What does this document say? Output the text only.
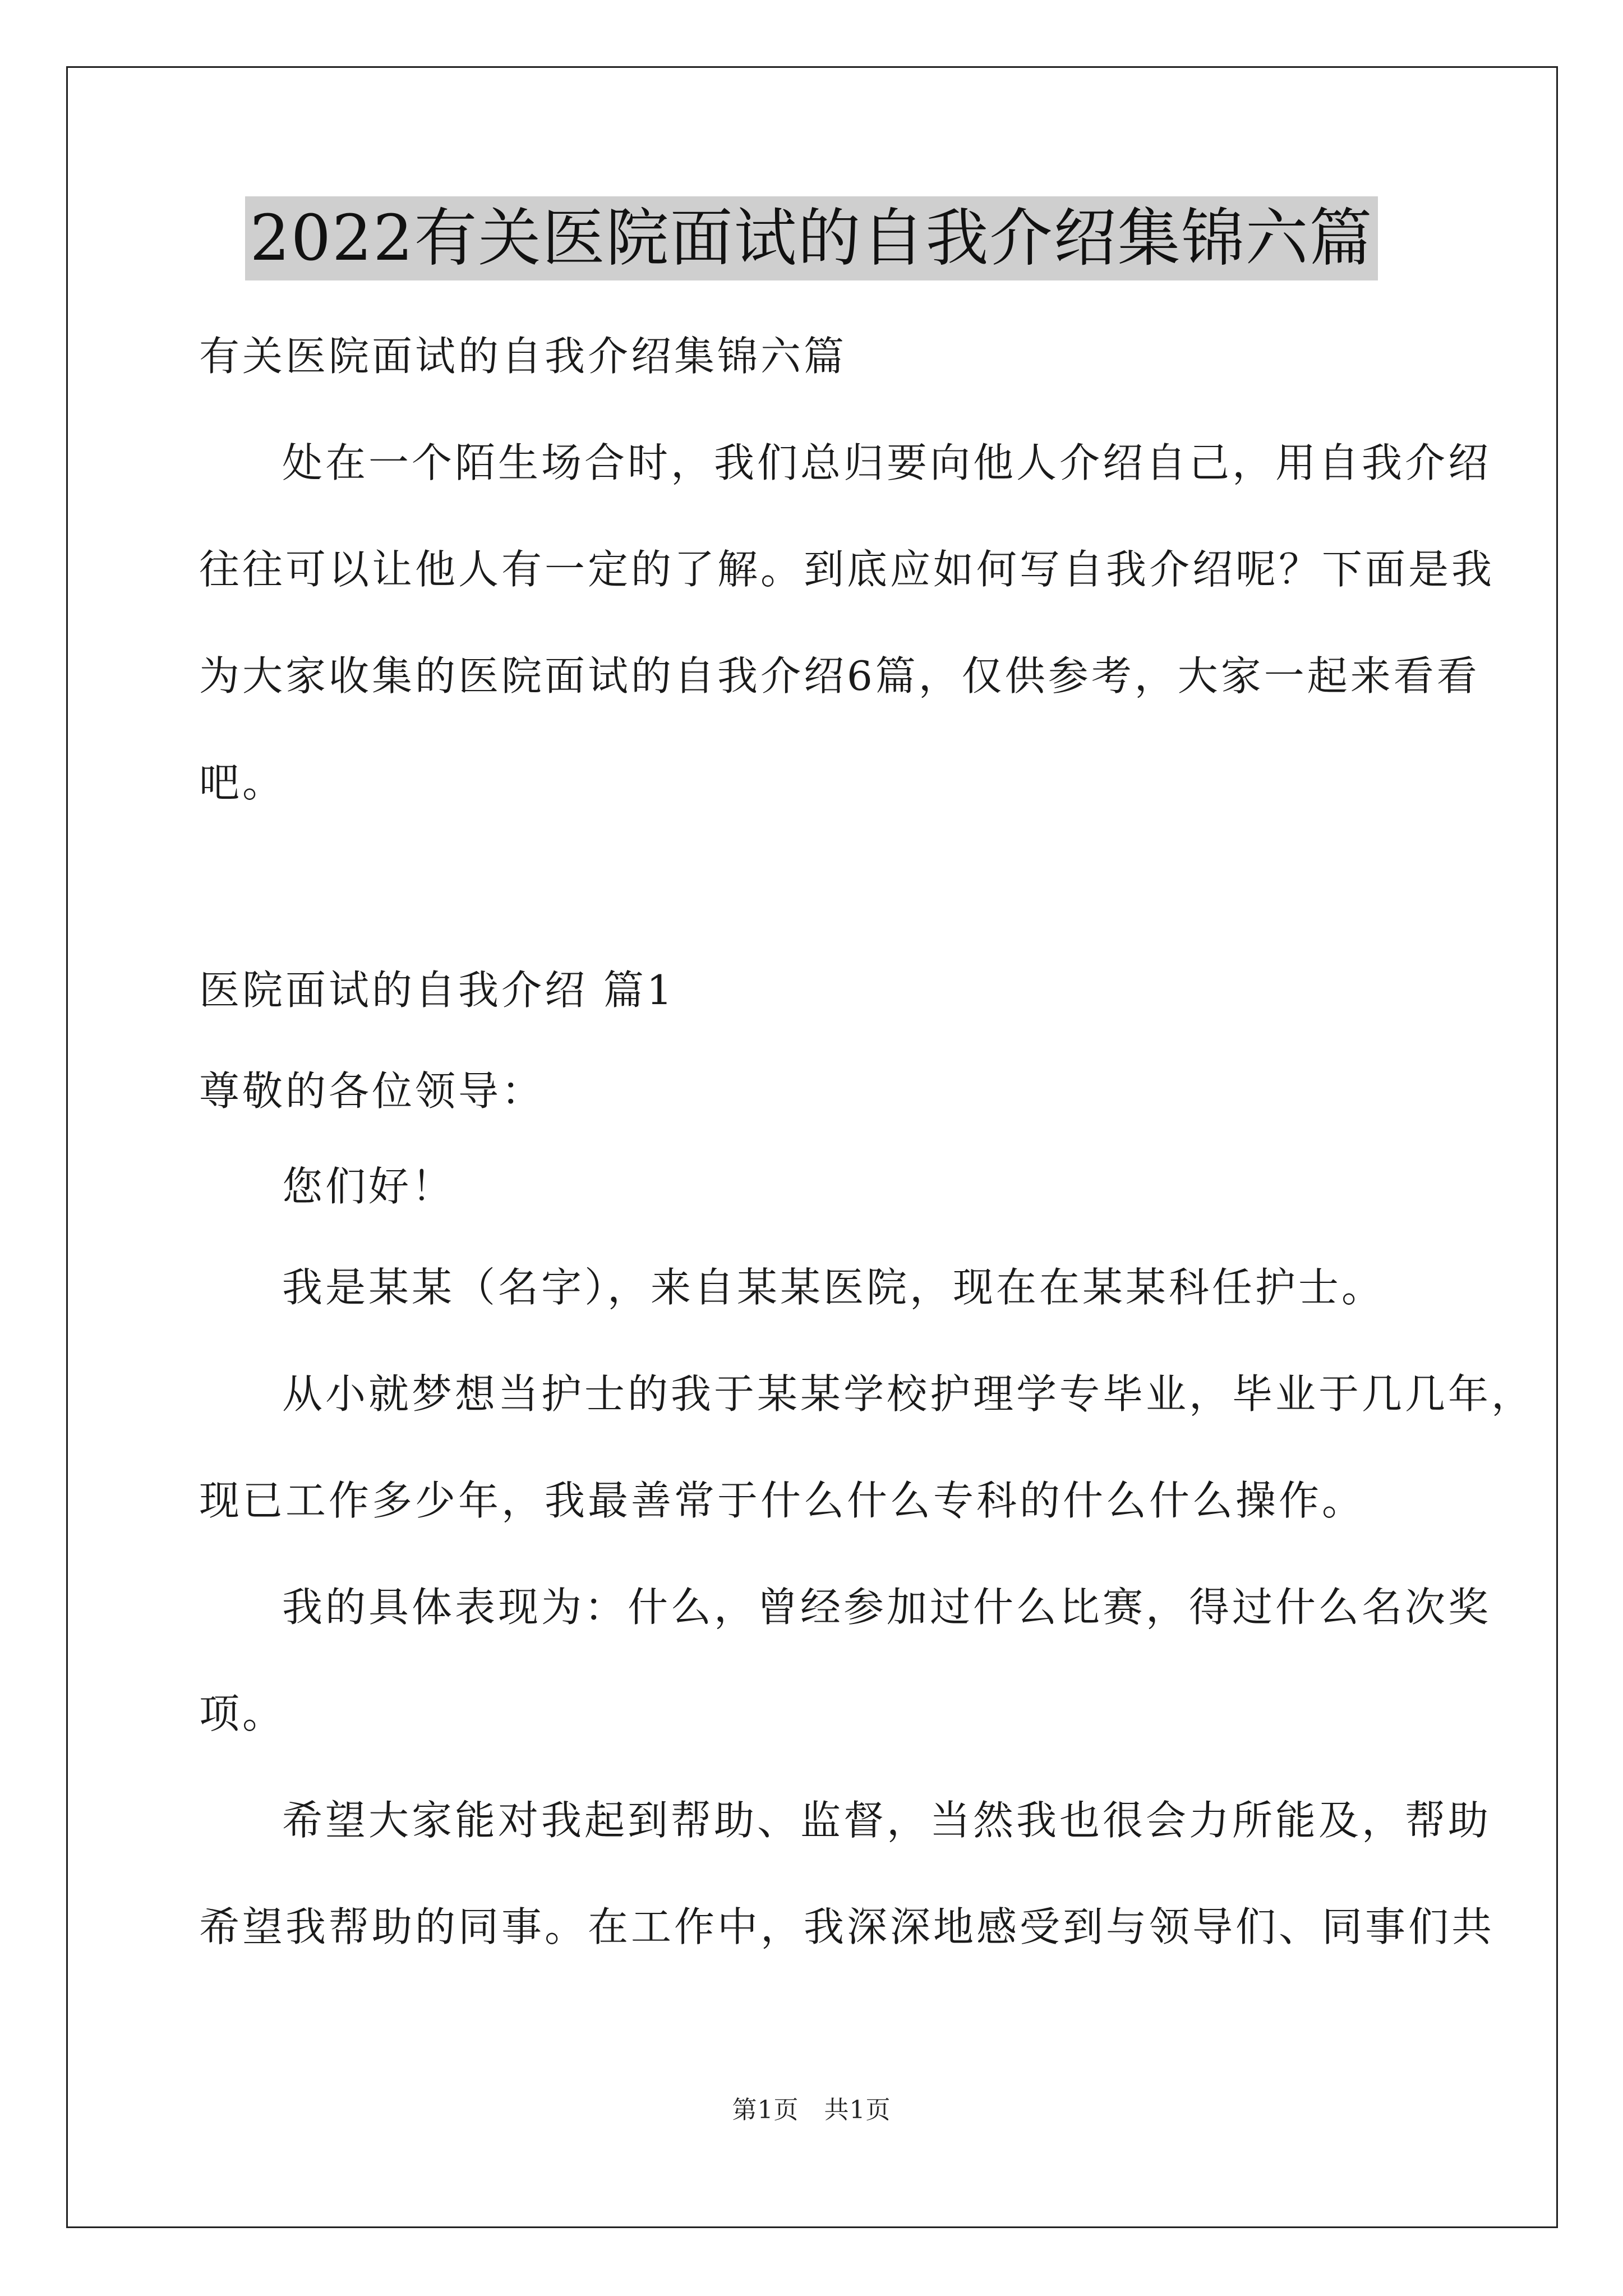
2022有关医院面试的自我介绍集锦六篇

有关医院面试的自我介绍集锦六篇

处在一个陌生场合时，我们总归要向他人介绍自己，用自我介绍

往往可以让他人有一定的了解。到底应如何写自我介绍呢？下面是我

为大家收集的医院面试的自我介绍6篇，仅供参考，大家一起来看看

吧。

医院面试的自我介绍 篇1

尊敬的各位领导：

您们好！

我是某某（名字），来自某某医院，现在在某某科任护士。

从小就梦想当护士的我于某某学校护理学专毕业，毕业于几几年，

现已工作多少年，我最善常于什么什么专科的什么什么操作。

我的具体表现为：什么，曾经参加过什么比赛，得过什么名次奖

项。

希望大家能对我起到帮助、监督，当然我也很会力所能及，帮助

希望我帮助的同事。在工作中，我深深地感受到与领导们、同事们共

第1页　共1页
